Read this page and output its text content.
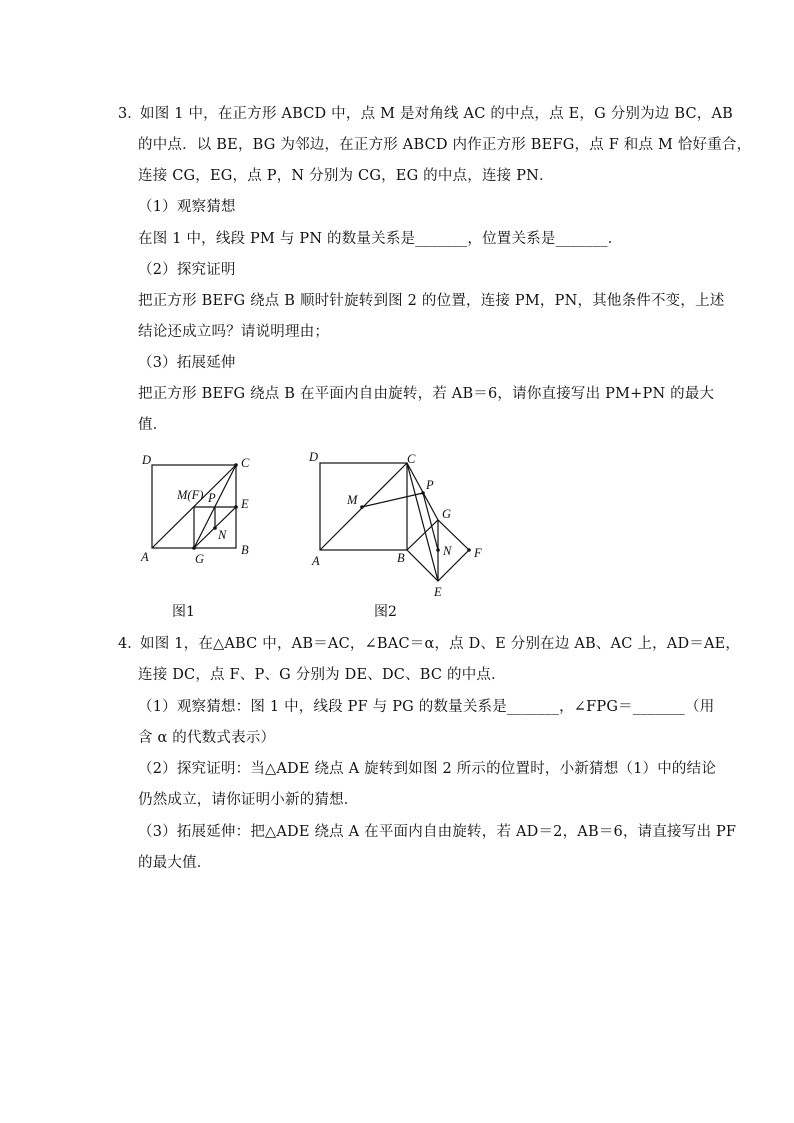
3．
如图 1 中，在正方形 ABCD 中，点 M 是对角线 AC 的中点，点 E，G 分别为边 BC，AB
的中点．以 BE，BG 为邻边，在正方形 ABCD 内作正方形 BEFG，点 F 和点 M 恰好重合，
连接 CG，EG，点 P，N 分别为 CG，EG 的中点，连接 PN．
（1）观察猜想
在图 1 中，线段 PM 与 PN 的数量关系是_______，位置关系是_______．
（2）探究证明
把正方形 BEFG 绕点 B 顺时针旋转到图 2 的位置，连接 PM，PN，其他条件不变，上述
结论还成立吗？请说明理由；
（3）拓展延伸
把正方形 BEFG 绕点 B 在平面内自由旋转，若 AB＝6，请你直接写出 PM+PN 的最大
值．
D	C
A	G
B
E
M(F) P
N
图1
D	C
A	B
M
P
G
N F
E
图2
4．
如图 1，在△ABC 中，AB＝AC，∠BAC＝α，点 D、E 分别在边 AB、AC 上，AD＝AE，
连接 DC，点 F、P、G 分别为 DE、DC、BC 的中点．
（1）观察猜想：图 1 中，线段 PF 与 PG 的数量关系是_______，∠FPG＝_______（用
含 α 的代数式表示）
（2）探究证明：当△ADE 绕点 A 旋转到如图 2 所示的位置时，小新猜想（1）中的结论
仍然成立，请你证明小新的猜想．
（3）拓展延伸：把△ADE 绕点 A 在平面内自由旋转，若 AD＝2，AB＝6，请直接写出 PF
的最大值．
